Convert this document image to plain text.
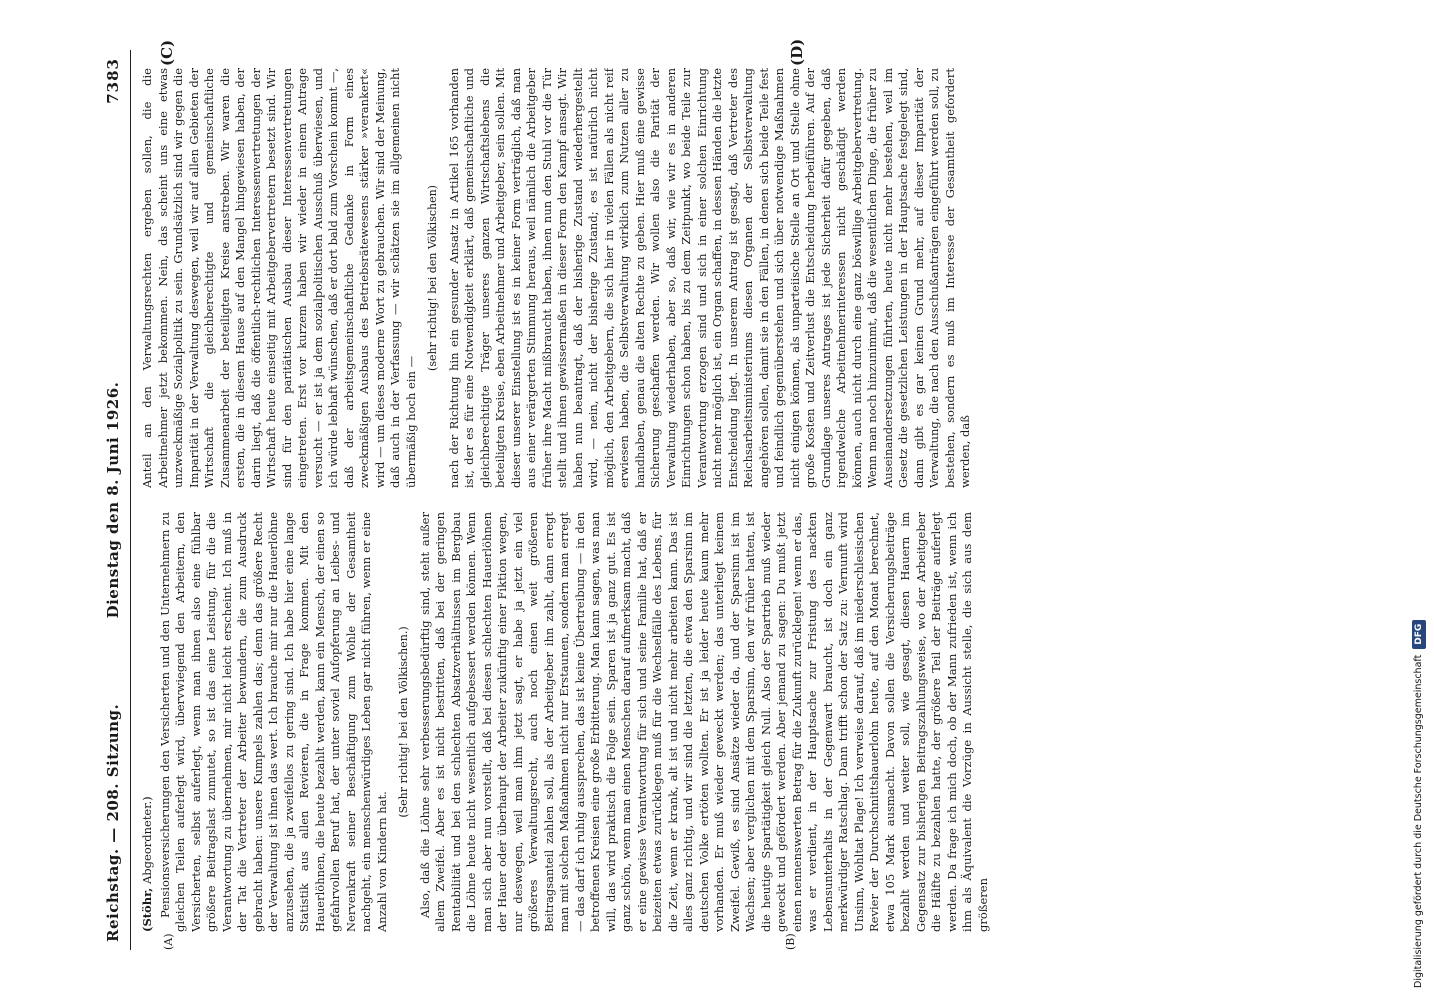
Reichstag. — 208. Sitzung.
Dienstag den 8. Juni 1926.
7383
(A)	(B)
(C)	(D)

(Stöhr, Abgeordneter.) Pensionsversicherungen den Versicherten und den Unternehmern zu gleichen Teilen auferlegt wird, übervwiegend den Arbeitern, den Versicherten, selbst auferlegt, wenn man ihnen also eine fühlbar größere Beitragslast zumutet, so ist das eine Leistung, für die die Verantwortung zu übernehmen, mir nicht leicht erscheint. Ich muß in der Tat die Vertreter der Arbeiter bewundern, die zum Ausdruck gebracht haben: unsere Kumpels zahlen das; denn das größere Recht der Verwaltung ist ihnen das wert. Ich brauche mir nur die Hauerlöhne anzusehen, die ja zweifellos zu gering sind. Ich habe hier eine lange Statistik aus allen Revieren, die in Frage kommen. Mit den Hauerlöhnen, die heute bezahlt werden, kann ein Mensch, der einen so gefahrvollen Beruf hat, der unter soviel Aufopferung an Leibes- und Nervenkraft seiner Beschäftigung zum Wohle der Gesamtheit nachgeht, ein menschenwürdiges Leben gar nicht führen, wenn er eine Anzahl von Kindern hat.

(Sehr richtig! bei den Völkischen.) Also, daß die Löhne sehr verbesserungsbedürftig sind, steht außer allem Zweifel. Aber es ist nicht bestritten, daß bei der geringen Rentabilität und bei den schlechten Absatzverhältnissen im Bergbau die Löhne heute nicht wesentlich aufgebessert werden können. Wenn man sich aber nun vorstellt, daß bei diesen schlechten Hauerlöhnen der Hauer oder überhaupt der Arbeiter zukünftig einer Fiktion wegen, nur deswegen, weil man ihm jetzt sagt, er habe ja jetzt ein viel größeres Verwaltungsrecht, auch noch einen weit größeren Beitragsanteil zahlen soll, als der Arbeitgeber ihn zahlt, dann erregt man mit solchen Maßnahmen nicht nur Erstaunen, sondern man erregt — das darf ich ruhig aussprechen, das ist keine Übertreibung — in den betroffenen Kreisen eine große Erbitterung. Man kann sagen, was man will, das wird praktisch die Folge sein. Sparen ist ja ganz gut. Es ist ganz schön, wenn man einen Menschen darauf aufmerksam macht, daß er eine gewisse Verantwortung für sich und seine Familie hat, daß er beizeiten etwas zurücklegen muß für die Wechselfälle des Lebens, für die Zeit, wenn er krank, alt ist und nicht mehr arbeiten kann. Das ist alles ganz richtig, und wir sind die letzten, die etwa den Sparsinn im deutschen Volke ertöten wollten. Er ist ja leider heute kaum mehr vorhanden. Er muß wieder geweckt werden; das unterliegt keinem Zweifel. Gewiß, es sind Ansätze wieder da, und der Sparsinn ist im Wachsen; aber verglichen mit dem Sparsinn, den wir früher hatten, ist die heutige Spartätigkeit gleich Null. Also der Spartrieb muß wieder geweckt und gefördert werden. Aber jemand zu sagen: Du mußt jetzt einen nennenswerten Betrag für die Zukunft zurücklegen! wenn er das, was er verdient, in der Hauptsache zur Fristung des nackten Lebensunterhalts in der Gegenwart braucht, ist doch ein ganz merkwürdiger Ratschlag. Dann trifft schon der Satz zu: Vernunft wird Unsinn, Wohltat Plage! Ich verweise darauf, daß im niederschlesischen Revier der Durchschnittshauerlohn heute, auf den Monat berechnet, etwa 105 Mark ausmacht. Davon sollen die Versicherungsbeiträge bezahlt werden und weiter soll, wie gesagt, diesen Hauern im Gegensatz zur bisherigen Beitragszahlungsweise, wo der Arbeitgeber die Hälfte zu bezahlen hatte, der größere Teil der Beiträge auferlegt werden. Da frage ich mich doch, ob der Mann zufrieden ist, wenn ich ihm als Äquivalent die Vorzüge in Aussicht stelle, die sich aus dem größeren

Anteil an den Verwaltungsrechten ergeben sollen, die die Arbeitnehmer jetzt bekommen. Nein, das scheint uns eine etwas unzweckmäßige Sozialpolitik zu sein. Grundsätzlich sind wir gegen die Imparität in der Verwaltung deswegen, weil wir auf allen Gebieten der Wirtschaft die gleichberechtigte und gemeinschaftliche Zusammenarbeit der beteiligten Kreise anstreben. Wir waren die ersten, die in diesem Hause auf den Mangel hingewiesen haben, der darin liegt, daß die öffentlich-rechtlichen Interessenvertretungen der Wirtschaft heute einseitig mit Arbeitgebervertretern besetzt sind. Wir sind für den paritätischen Ausbau dieser Interessenvertretungen eingetreten. Erst vor kurzem haben wir wieder in einem Antrage versucht — er ist ja dem sozialpolitischen Ausschuß überwiesen, und ich würde lebhaft wünschen, daß er dort bald zum Vorschein kommt —, daß der arbeitsgemeinschaftliche Gedanke in Form eines zweckmäßigen Ausbaus des Betriebsrätewesens stärker »verankert« wird — um dieses moderne Wort zu gebrauchen. Wir sind der Meinung, daß auch in der Verfassung — wir schätzen sie im allgemeinen nicht übermäßig hoch ein —

(sehr richtig! bei den Völkischen) nach der Richtung hin ein gesunder Ansatz in Artikel 165 vorhanden ist, der es für eine Notwendigkeit erklärt, daß gemeinschaftliche und gleichberechtigte Träger unseres ganzen Wirtschaftslebens die beteiligten Kreise, eben Arbeitnehmer und Arbeitgeber, sein sollen. Mit dieser unserer Einstellung ist es in keiner Form verträglich, daß man aus einer verärgerten Stimmung heraus, weil nämlich die Arbeitgeber früher ihre Macht mißbraucht haben, ihnen nun den Stuhl vor die Tür stellt und ihnen gewissermaßen in dieser Form den Kampf ansagt. Wir haben nun beantragt, daß der bisherige Zustand wiederhergestellt wird, — nein, nicht der bisherige Zustand; es ist natürlich nicht möglich, den Arbeitgebern, die sich hier in vielen Fällen als nicht reif erwiesen haben, die Selbstverwaltung wirklich zum Nutzen aller zu handhaben, genau die alten Rechte zu geben. Hier muß eine gewisse Sicherung geschaffen werden. Wir wollen also die Parität der Verwaltung wiederhaben, aber so, daß wir, wie wir es in anderen Einrichtungen schon haben, bis zu dem Zeitpunkt, wo beide Teile zur Verantwortung erzogen sind und sich in einer solchen Einrichtung nicht mehr möglich ist, ein Organ schaffen, in dessen Händen die letzte Entscheidung liegt. In unserem Antrag ist gesagt, daß Vertreter des Reichsarbeitsministeriums diesen Organen der Selbstverwaltung angehören sollen, damit sie in den Fällen, in denen sich beide Teile fest und feindlich gegenüberstehen und sich über notwendige Maßnahmen nicht einigen können, als unparteiische Stelle an Ort und Stelle ohne große Kosten und Zeitverlust die Entscheidung herbeiführen. Auf der Grundlage unseres Antrages ist jede Sicherheit dafür gegeben, daß irgendwelche Arbeitnehmerinteressen nicht geschädigt werden können, auch nicht durch eine ganz böswillige Arbeitgebervertretung. Wenn man noch hinzunimmt, daß die wesentlichen Dinge, die früher zu Auseinandersetzungen führten, heute nicht mehr bestehen, weil im Gesetz die gesetzlichen Leistungen in der Hauptsache festgelegt sind, dann gibt es gar keinen Grund mehr, auf dieser Imparität der Verwaltung, die nach den Ausschußanträgen eingeführt werden soll, zu bestehen, sondern es muß im Interesse der Gesamtheit gefordert werden, daß

Digitalisierung gefördert durch die Deutsche Forschungsgemeinschaft
DFG
